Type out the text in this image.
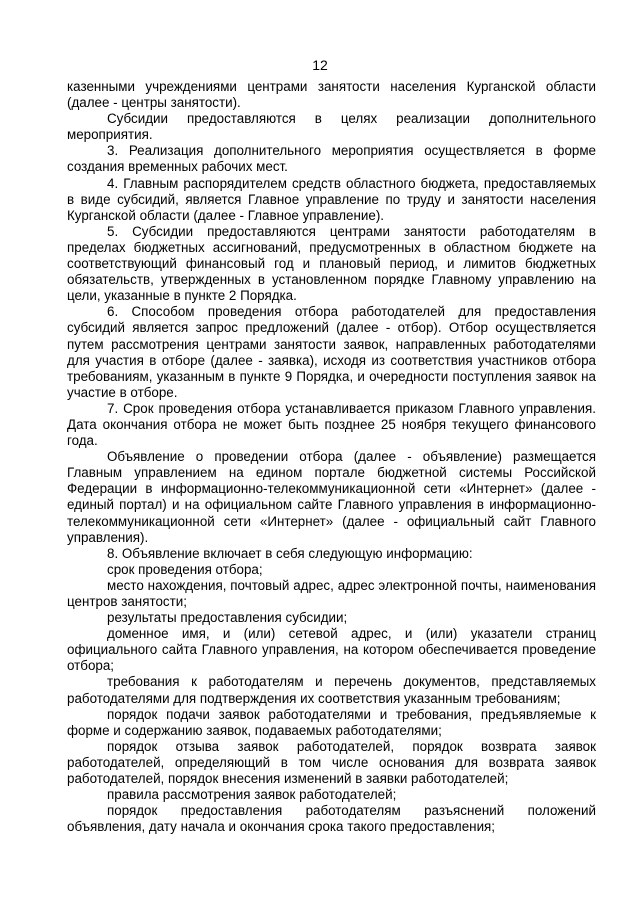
12

казенными учреждениями центрами занятости населения Курганской области (далее - центры занятости).

Субсидии предоставляются в целях реализации дополнительного мероприятия.

3. Реализация дополнительного мероприятия осуществляется в форме создания временных рабочих мест.

4. Главным распорядителем средств областного бюджета, предоставляемых в виде субсидий, является Главное управление по труду и занятости населения Курганской области (далее - Главное управление).

5. Субсидии предоставляются центрами занятости работодателям в пределах бюджетных ассигнований, предусмотренных в областном бюджете на соответствующий финансовый год и плановый период, и лимитов бюджетных обязательств, утвержденных в установленном порядке Главному управлению на цели, указанные в пункте 2 Порядка.

6. Способом проведения отбора работодателей для предоставления субсидий является запрос предложений (далее - отбор). Отбор осуществляется путем рассмотрения центрами занятости заявок, направленных работодателями для участия в отборе (далее - заявка), исходя из соответствия участников отбора требованиям, указанным в пункте 9 Порядка, и очередности поступления заявок на участие в отборе.

7. Срок проведения отбора устанавливается приказом Главного управления. Дата окончания отбора не может быть позднее 25 ноября текущего финансового года.

Объявление о проведении отбора (далее - объявление) размещается Главным управлением на едином портале бюджетной системы Российской Федерации в информационно-телекоммуникационной сети «Интернет» (далее - единый портал) и на официальном сайте Главного управления в информационно-телекоммуникационной сети «Интернет» (далее - официальный сайт Главного управления).

8. Объявление включает в себя следующую информацию:

срок проведения отбора;

место нахождения, почтовый адрес, адрес электронной почты, наименования центров занятости;

результаты предоставления субсидии;

доменное имя, и (или) сетевой адрес, и (или) указатели страниц официального сайта Главного управления, на котором обеспечивается проведение отбора;

требования к работодателям и перечень документов, представляемых работодателями для подтверждения их соответствия указанным требованиям;

порядок подачи заявок работодателями и требования, предъявляемые к форме и содержанию заявок, подаваемых работодателями;

порядок отзыва заявок работодателей, порядок возврата заявок работодателей, определяющий в том числе основания для возврата заявок работодателей, порядок внесения изменений в заявки работодателей;

правила рассмотрения заявок работодателей;

порядок предоставления работодателям разъяснений положений объявления, дату начала и окончания срока такого предоставления;
